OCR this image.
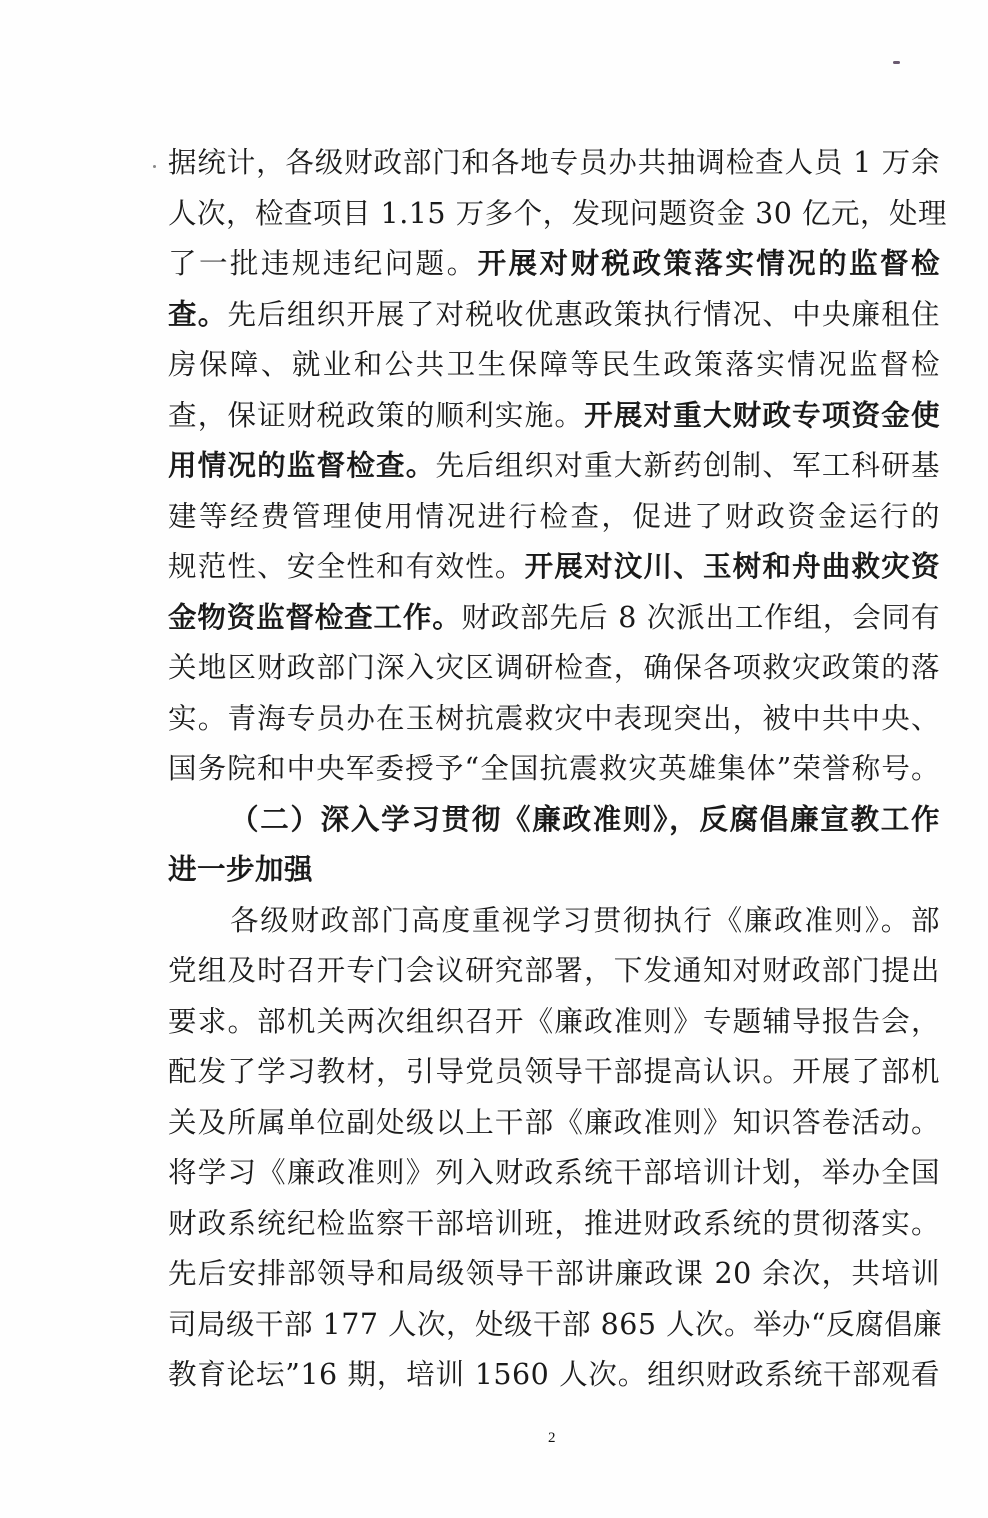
据统计，各级财政部门和各地专员办共抽调检查人员 1 万余
人次，检查项目 1.15 万多个，发现问题资金 30 亿元，处理
了一批违规违纪问题。开展对财税政策落实情况的监督检
查。先后组织开展了对税收优惠政策执行情况、中央廉租住
房保障、就业和公共卫生保障等民生政策落实情况监督检
查，保证财税政策的顺利实施。开展对重大财政专项资金使
用情况的监督检查。先后组织对重大新药创制、军工科研基
建等经费管理使用情况进行检查，促进了财政资金运行的
规范性、安全性和有效性。开展对汶川、玉树和舟曲救灾资
金物资监督检查工作。财政部先后 8 次派出工作组，会同有
关地区财政部门深入灾区调研检查，确保各项救灾政策的落
实。青海专员办在玉树抗震救灾中表现突出，被中共中央、
国务院和中央军委授予“全国抗震救灾英雄集体”荣誉称号。
（二）深入学习贯彻《廉政准则》，反腐倡廉宣教工作
进一步加强
各级财政部门高度重视学习贯彻执行《廉政准则》。部
党组及时召开专门会议研究部署，下发通知对财政部门提出
要求。部机关两次组织召开《廉政准则》专题辅导报告会，
配发了学习教材，引导党员领导干部提高认识。开展了部机
关及所属单位副处级以上干部《廉政准则》知识答卷活动。
将学习《廉政准则》列入财政系统干部培训计划，举办全国
财政系统纪检监察干部培训班，推进财政系统的贯彻落实。
先后安排部领导和局级领导干部讲廉政课 20 余次，共培训
司局级干部 177 人次，处级干部 865 人次。举办“反腐倡廉
教育论坛”16 期，培训 1560 人次。组织财政系统干部观看
2
